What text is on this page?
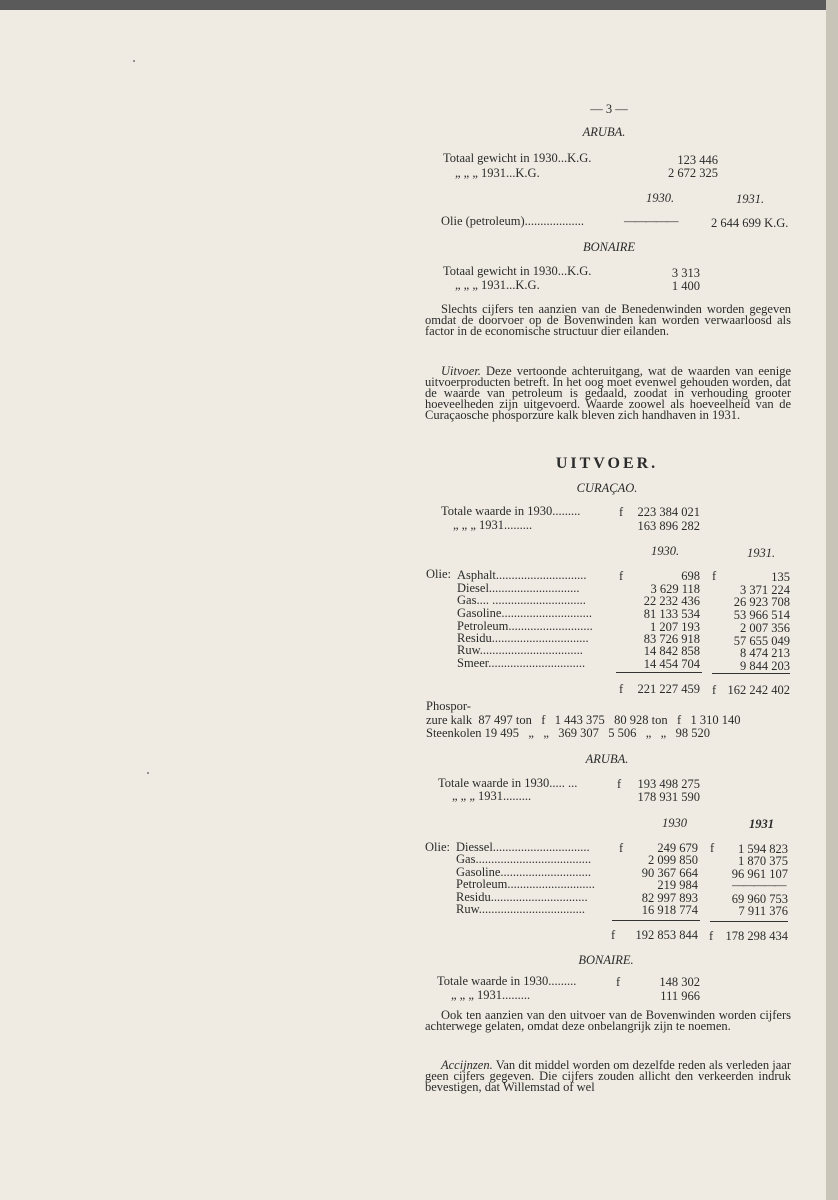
— 3 —
ARUBA.
Totaal gewicht in 1930...K.G.	123 446
„ „ „ 1931...K.G.	2 672 325
1930.	1931.
Olie (petroleum)...................	—————	2 644 699 K.G.
BONAIRE
Totaal gewicht in 1930...K.G.	3 313
„ „ „ 1931...K.G.	1 400

Slechts cijfers ten aanzien van de Benedenwinden worden gegeven omdat de doorvoer op de Bovenwinden kan worden verwaarloosd als factor in de economische structuur dier eilanden.

Uitvoer. Deze vertoonde achteruitgang, wat de waarden van eenige uitvoerproducten betreft. In het oog moet evenwel gehouden worden, dat de waarde van petroleum is gedaald, zoodat in verhouding grooter hoeveelheden zijn uitgevoerd. Waarde zoowel als hoeveelheid van de Curaçaosche phosporzure kalk bleven zich handhaven in 1931.

UITVOER.
CURAÇAO.
Totale waarde in 1930.........	f	223 384 021
„ „ „ 1931.........	163 896 282
1930.	1931.
Olie:	f	f
Asphalt.............................	698	135
Diesel.............................	3 629 118	3 371 224
Gas.... ..............................	22 232 436	26 923 708
Gasoline.............................	81 133 534	53 966 514
Petroleum...........................	1 207 193	2 007 356
Residu...............................	83 726 918	57 655 049
Ruw.................................	14 842 858	8 474 213
Smeer...............................	14 454 704	9 844 203
f	221 227 459 f 162 242 402
Phospor-
zure kalk  87 497 ton   f   1 443 375   80 928 ton   f   1 310 140
Steenkolen 19 495   „   „   369 307   5 506   „   „   98 520
ARUBA.
Totale waarde in 1930..... ...	f	193 498 275
„ „ „ 1931.........	178 931 590
1930	1931
Olie:	f	f
Diessel...............................	249 679	1 594 823
Gas.....................................	2 099 850	1 870 375
Gasoline.............................	90 367 664	96 961 107
Petroleum............................	219 984	—————
Residu...............................	82 997 893	69 960 753
Ruw..................................	16 918 774	7 911 376
f	192 853 844 f 178 298 434
BONAIRE.
Totale waarde in 1930.........	f	148 302
„ „ „ 1931.........	111 966

Ook ten aanzien van den uitvoer van de Bovenwinden worden cijfers achterwege gelaten, omdat deze onbelangrijk zijn te noemen.

Accijnzen. Van dit middel worden om dezelfde reden als verleden jaar geen cijfers gegeven. Die cijfers zouden allicht den verkeerden indruk bevestigen, dat Willemstad of wel
